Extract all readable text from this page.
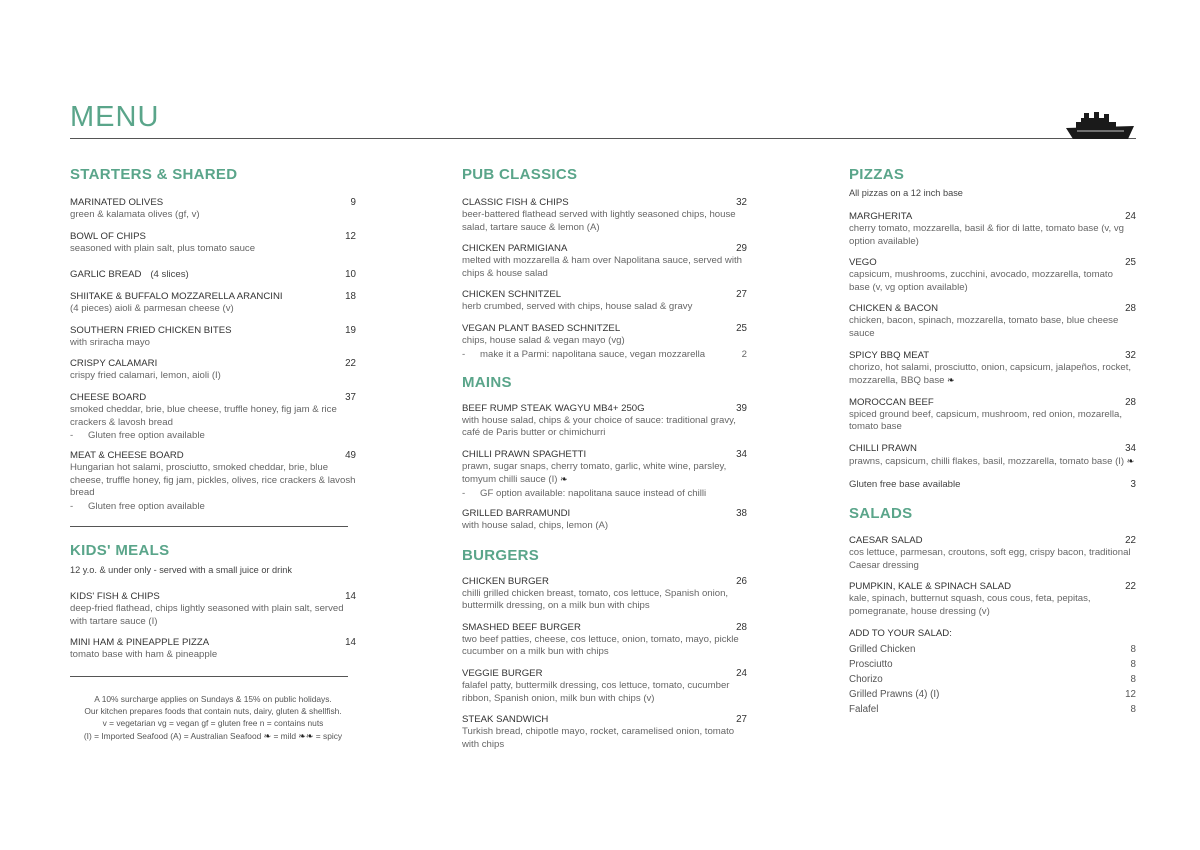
MENU
STARTERS & SHARED
MARINATED OLIVES	9
green & kalamata olives (gf, v)
BOWL OF CHIPS	12
seasoned with plain salt, plus tomato sauce
GARLIC BREAD (4 slices)	10
SHIITAKE & BUFFALO MOZZARELLA ARANCINI	18
(4 pieces) aioli & parmesan cheese (v)
SOUTHERN FRIED CHICKEN BITES	19
with sriracha mayo
CRISPY CALAMARI	22
crispy fried calamari, lemon, aioli (I)
CHEESE BOARD	37
smoked cheddar, brie, blue cheese, truffle honey, fig jam & rice crackers & lavosh bread
- Gluten free option available
MEAT & CHEESE BOARD	49
Hungarian hot salami, prosciutto, smoked cheddar, brie, blue cheese, truffle honey, fig jam, pickles, olives, rice crackers & lavosh bread
- Gluten free option available
KIDS' MEALS
12 y.o. & under only - served with a small juice or drink
KIDS' FISH & CHIPS	14
deep-fried flathead, chips lightly seasoned with plain salt, served with tartare sauce (I)
MINI HAM & PINEAPPLE PIZZA	14
tomato base with ham & pineapple
A 10% surcharge applies on Sundays & 15% on public holidays.
Our kitchen prepares foods that contain nuts, dairy, gluten & shellfish.
v = vegetarian vg = vegan gf = gluten free n = contains nuts
(I) = Imported Seafood (A) = Australian Seafood ❧ = mild ❧❧ = spicy
PUB CLASSICS
CLASSIC FISH & CHIPS	32
beer-battered flathead served with lightly seasoned chips, house salad, tartare sauce & lemon (A)
CHICKEN PARMIGIANA	29
melted with mozzarella & ham over Napolitana sauce, served with chips & house salad
CHICKEN SCHNITZEL	27
herb crumbed, served with chips, house salad & gravy
VEGAN PLANT BASED SCHNITZEL	25
chips, house salad & vegan mayo (vg)
- make it a Parmi: napolitana sauce, vegan mozzarella	2
MAINS
BEEF RUMP STEAK WAGYU MB4+ 250G	39
with house salad, chips & your choice of sauce: traditional gravy, café de Paris butter or chimichurri
CHILLI PRAWN SPAGHETTI	34
prawn, sugar snaps, cherry tomato, garlic, white wine, parsley, tomyum chilli sauce (I) ❧
- GF option available: napolitana sauce instead of chilli
GRILLED BARRAMUNDI	38
with house salad, chips, lemon (A)
BURGERS
CHICKEN BURGER	26
chilli grilled chicken breast, tomato, cos lettuce, Spanish onion, buttermilk dressing, on a milk bun with chips
SMASHED BEEF BURGER	28
two beef patties, cheese, cos lettuce, onion, tomato, mayo, pickle cucumber on a milk bun with chips
VEGGIE BURGER	24
falafel patty, buttermilk dressing, cos lettuce, tomato, cucumber ribbon, Spanish onion, milk bun with chips (v)
STEAK SANDWICH	27
Turkish bread, chipotle mayo, rocket, caramelised onion, tomato with chips
PIZZAS
All pizzas on a 12 inch base
MARGHERITA	24
cherry tomato, mozzarella, basil & fior di latte, tomato base (v, vg option available)
VEGO	25
capsicum, mushrooms, zucchini, avocado, mozzarella, tomato base (v, vg option available)
CHICKEN & BACON	28
chicken, bacon, spinach, mozzarella, tomato base, blue cheese sauce
SPICY BBQ MEAT	32
chorizo, hot salami, prosciutto, onion, capsicum, jalapeños, rocket, mozzarella, BBQ base ❧
MOROCCAN BEEF	28
spiced ground beef, capsicum, mushroom, red onion, mozarella, tomato base
CHILLI PRAWN	34
prawns, capsicum, chilli flakes, basil, mozzarella, tomato base (I) ❧
Gluten free base available	3
SALADS
CAESAR SALAD	22
cos lettuce, parmesan, croutons, soft egg, crispy bacon, traditional Caesar dressing
PUMPKIN, KALE & SPINACH SALAD	22
kale, spinach, butternut squash, cous cous, feta, pepitas, pomegranate, house dressing (v)
ADD TO YOUR SALAD:
Grilled Chicken	8
Prosciutto	8
Chorizo	8
Grilled Prawns (4) (I)	12
Falafel	8
